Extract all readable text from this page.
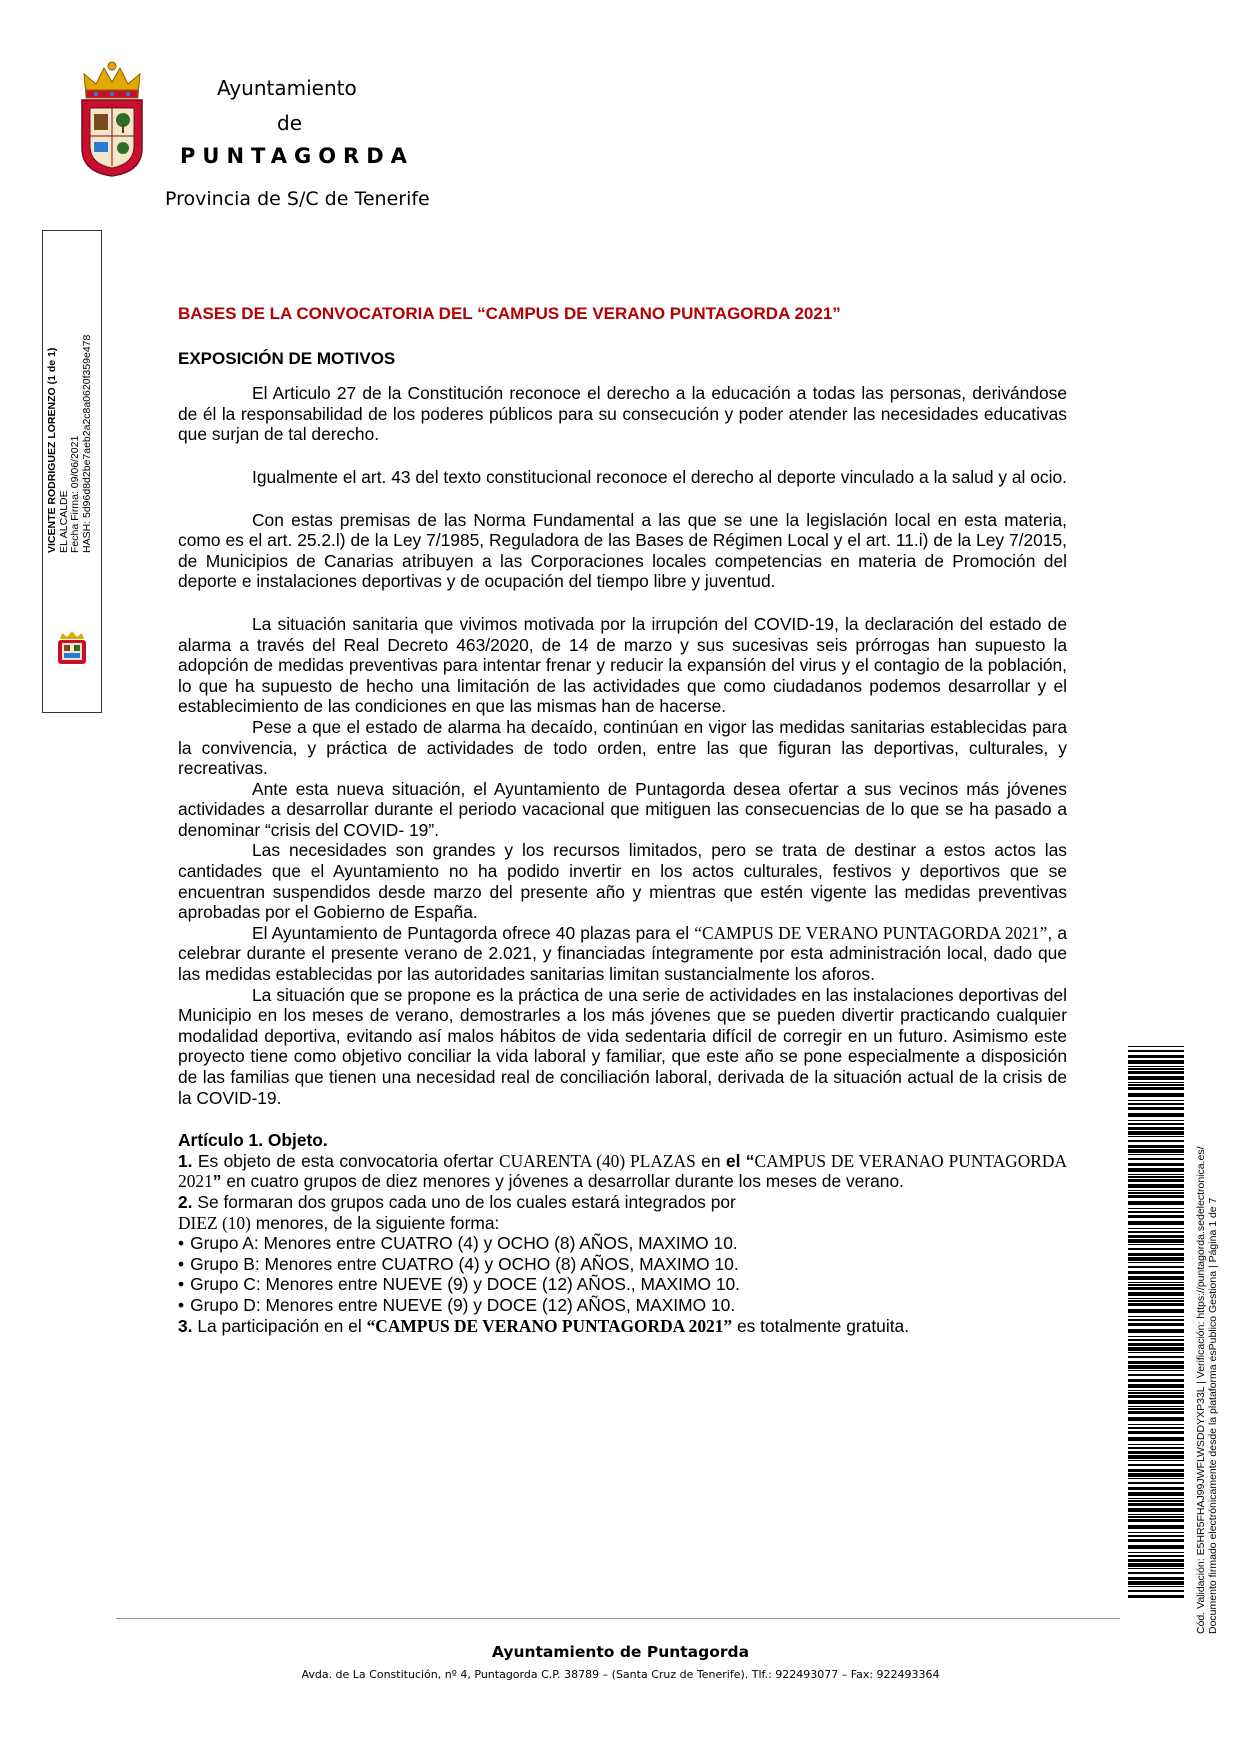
Ayuntamiento
de
PUNTAGORDA
Provincia de S/C de Tenerife
VICENTE RODRIGUEZ LORENZO (1 de 1) EL ALCALDE Fecha Firma: 09/06/2021 HASH: 5d96d8d2be7aeb2a2c8a0620f359e478

BASES DE LA CONVOCATORIA DEL “CAMPUS DE VERANO PUNTAGORDA 2021”

EXPOSICIÓN DE MOTIVOS

El Articulo 27 de la Constitución reconoce el derecho a la educación a todas las personas, derivándose de él la responsabilidad de los poderes públicos para su consecución y poder atender las necesidades educativas que surjan de tal derecho.

Igualmente el art. 43 del texto constitucional reconoce el derecho al deporte vinculado a la salud y al ocio.

Con estas premisas de las Norma Fundamental a las que se une la legislación local en esta materia, como es el art. 25.2.l) de la Ley 7/1985, Reguladora de las Bases de Régimen Local y el art. 11.i) de la Ley 7/2015, de Municipios de Canarias atribuyen a las Corporaciones locales competencias en materia de Promoción del deporte e instalaciones deportivas y de ocupación del tiempo libre y juventud.

La situación sanitaria que vivimos motivada por la irrupción del COVID-19, la declaración del estado de alarma a través del Real Decreto 463/2020, de 14 de marzo y sus sucesivas seis prórrogas han supuesto la adopción de medidas preventivas para intentar frenar y reducir la expansión del virus y el contagio de la población, lo que ha supuesto de hecho una limitación de las actividades que como ciudadanos podemos desarrollar y el establecimiento de las condiciones en que las mismas han de hacerse.

Pese a que el estado de alarma ha decaído, continúan en vigor las medidas sanitarias establecidas para la convivencia, y práctica de actividades de todo orden, entre las que figuran las deportivas, culturales, y recreativas.

Ante esta nueva situación, el Ayuntamiento de Puntagorda desea ofertar a sus vecinos más jóvenes actividades a desarrollar durante el periodo vacacional que mitiguen las consecuencias de lo que se ha pasado a denominar “crisis del COVID- 19”.

Las necesidades son grandes y los recursos limitados, pero se trata de destinar a estos actos las cantidades que el Ayuntamiento no ha podido invertir en los actos culturales, festivos y deportivos que se encuentran suspendidos desde marzo del presente año y mientras que estén vigente las medidas preventivas aprobadas por el Gobierno de España.

El Ayuntamiento de Puntagorda ofrece 40 plazas para el “CAMPUS DE VERANO PUNTAGORDA 2021”, a celebrar durante el presente verano de 2.021, y financiadas íntegramente por esta administración local, dado que las medidas establecidas por las autoridades sanitarias limitan sustancialmente los aforos.

La situación que se propone es la práctica de una serie de actividades en las instalaciones deportivas del Municipio en los meses de verano, demostrarles a los más jóvenes que se pueden divertir practicando cualquier modalidad deportiva, evitando así malos hábitos de vida sedentaria difícil de corregir en un futuro. Asimismo este proyecto tiene como objetivo conciliar la vida laboral y familiar, que este año se pone especialmente a disposición de las familias que tienen una necesidad real de conciliación laboral, derivada de la situación actual de la crisis de la COVID-19.

Artículo 1. Objeto.

1. Es objeto de esta convocatoria ofertar CUARENTA (40) PLAZAS en el “CAMPUS DE VERANAO PUNTAGORDA 2021” en cuatro grupos de diez menores y jóvenes a desarrollar durante los meses de verano.

2. Se formaran dos grupos cada uno de los cuales estará integrados por
DIEZ (10) menores, de la siguiente forma:

• Grupo A: Menores entre CUATRO (4) y OCHO (8) AÑOS, MAXIMO 10.

• Grupo B: Menores entre CUATRO (4) y OCHO (8) AÑOS, MAXIMO 10.

• Grupo C: Menores entre NUEVE (9) y DOCE (12) AÑOS., MAXIMO 10.

• Grupo D: Menores entre NUEVE (9) y DOCE (12) AÑOS, MAXIMO 10.

3. La participación en el “CAMPUS DE VERANO PUNTAGORDA 2021” es totalmente gratuita.	Cód. Validación: E5HR5FHAJ99JWFLWSDDYXP33L | Verificación: https://puntagorda.sedelectronica.es/ Documento firmado electrónicamente desde la plataforma esPublico Gestiona | Página 1 de 7
Ayuntamiento de Puntagorda
Avda. de La Constitución, nº 4, Puntagorda C.P. 38789 – (Santa Cruz de Tenerife). Tlf.: 922493077 – Fax: 922493364
